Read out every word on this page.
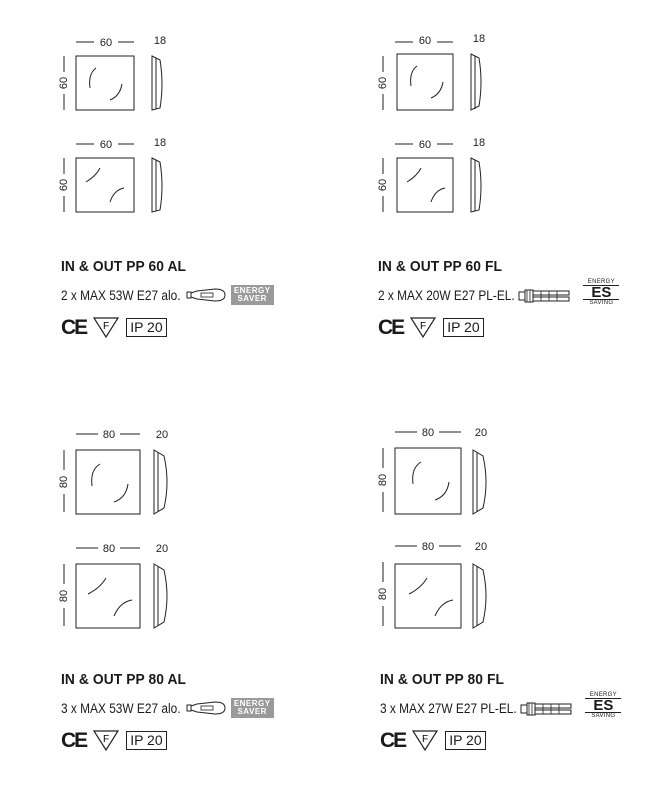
60
60
18
60
60
18
IN & OUT PP 60 AL
2 x MAX 53W E27 alo.	ENERGY
SAVER
CE F IP 20
60
60
18
60
60
18
IN & OUT PP 60 FL
2 x MAX 20W E27 PL-EL.
ENERGY
ES
SAVING
CE F IP 20
80
80
20
80
80
20
IN & OUT PP 80 AL
3 x MAX 53W E27 alo.	ENERGY
SAVER
CE F IP 20
80
80
20
80
80
20
IN & OUT PP 80 FL
3 x MAX 27W E27 PL-EL.
ENERGY
ES
SAVING
CE F IP 20
